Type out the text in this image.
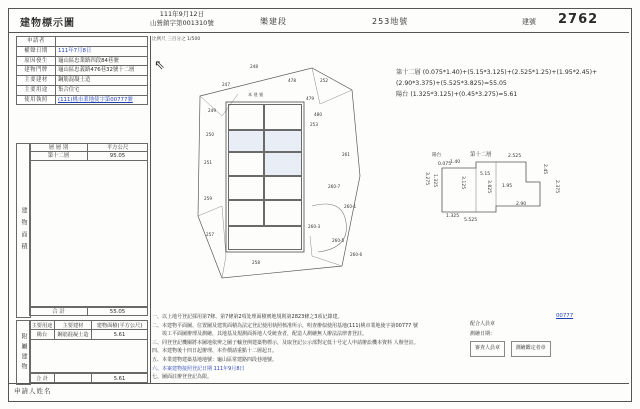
建物標示圖
111年9月12日
山營鎮字第001310號	樂建段	253地號	建號 2762
申請者	
權聲日期	111年7月8日
原因發生	龜山區忠業路四段84巷號
建物門牌	龜山區忠義路476巷32號十二層
主要建材	鋼筋混凝土造
主要用途	集合住宅
使用執照	(111)桃市業地使字第00777號
建物面積
層 層 別	平方公尺
第十二層	95.05
合 計	55.05
附屬建物
主要用途	主要建材	建物面積(平方公尺)
陽台	鋼筋混凝土造	5.61
合 計	5.61
申請人姓名
比例尺 三百分之 1/500
⇖
本 建 號
247
249
250
251
248
252
259
257
258
253
260-7
260-1
260-3
260-5
260-6
261
478
479
480
第十二層 (0.075*1.40)+(5.15*3.125)+(2.525*1.25)+(1.95*2.45)+
(2.90*3.375)+(5.525*3.825)=55.05
陽台 (1.325*3.125)+(0.45*3.275)=5.61
陽台	第十二層	2.525
1.325
3.275
1.325
5.15
2.45
1.95	2.375
3.825
2.90
5.525
0.075
1.40
3.125
一、以上地号登記採用第7條、第7條第2項处理面積實地規則第2823條之3项记錄建。
二、本建物平面圖、位置圖及建筑面積為法定登記使用執照核准所示，明查辦似使用基地(111)桃市業地使字第00777 號
　　竣工平面圖辦理及測繪，其地基及規測面拆地人受統查者，配造人測繪無人辦法法律書登註。
三、同登登記機關將本圖地依辨之圖子輸登例建築物標示，及取登記公示部對定低十号定人申請辦訟機本資料 人辦登註。
四、本建物後十四日起辦理、本作價請重點十二層起日。
五、本業建物建築基地地號：龜山區常建路四段巷地號。
六、本案建物接照登記日期 111年9月8日
七、圖面註辦登登記為限。
配合人員章
測繪日期：
審查人員章	測繪鑑定者章
00777
